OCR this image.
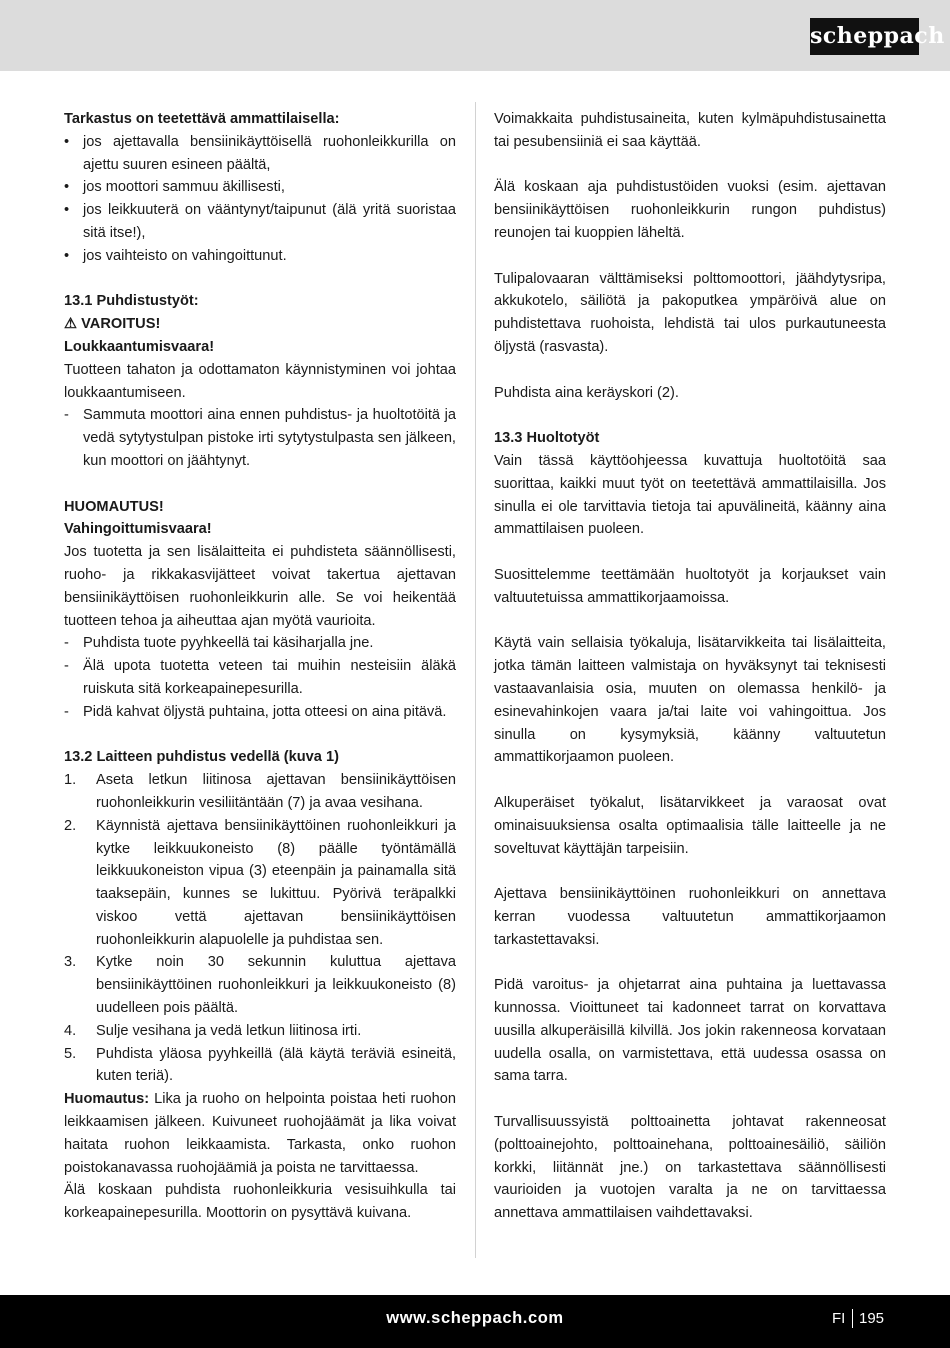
scheppach
Tarkastus on teetettävä ammattilaisella:
• jos ajettavalla bensiinikäyttöisellä ruohonleikkurilla on ajettu suuren esineen päältä,
• jos moottori sammuu äkillisesti,
• jos leikkuuterä on vääntynyt/taipunut (älä yritä suoristaa sitä itse!),
• jos vaihteisto on vahingoittunut.
13.1 Puhdistustyöt:
⚠ VAROITUS!
Loukkaantumisvaara!
Tuotteen tahaton ja odottamaton käynnistyminen voi johtaa loukkaantumiseen.
- Sammuta moottori aina ennen puhdistus- ja huoltotöitä ja vedä sytytystulpan pistoke irti sytytystulpasta sen jälkeen, kun moottori on jäähtynyt.
HUOMAUTUS!
Vahingoittumisvaara!
Jos tuotetta ja sen lisälaitteita ei puhdisteta säännöllisesti, ruoho- ja rikkakasvijätteet voivat takertua ajettavan bensiinikäyttöisen ruohonleikkurin alle. Se voi heikentää tuotteen tehoa ja aiheuttaa ajan myötä vaurioita.
- Puhdista tuote pyyhkeellä tai käsiharjalla jne.
- Älä upota tuotetta veteen tai muihin nesteisiin äläkä ruiskuta sitä korkeapainepesurilla.
- Pidä kahvat öljystä puhtaina, jotta otteesi on aina pitävä.
13.2 Laitteen puhdistus vedellä (kuva 1)
1. Aseta letkun liitinosa ajettavan bensiinikäyttöisen ruohonleikkurin vesiliitäntään (7) ja avaa vesihana.
2. Käynnistä ajettava bensiinikäyttöinen ruohonleikkuri ja kytke leikkuukoneisto (8) päälle työntämällä leikkuukoneiston vipua (3) eteenpäin ja painamalla sitä taaksepäin, kunnes se lukittuu. Pyörivä teräpalkki viskoo vettä ajettavan bensiinikäyttöisen ruohonleikkurin alapuolelle ja puhdistaa sen.
3. Kytke noin 30 sekunnin kuluttua ajettava bensiinikäyttöinen ruohonleikkuri ja leikkuukoneisto (8) uudelleen pois päältä.
4. Sulje vesihana ja vedä letkun liitinosa irti.
5. Puhdista yläosa pyyhkeillä (älä käytä teräviä esineitä, kuten teriä).
Huomautus: Lika ja ruoho on helpointa poistaa heti ruohon leikkaamisen jälkeen. Kuivuneet ruohojäämät ja lika voivat haitata ruohon leikkaamista. Tarkasta, onko ruohon poistokanavassa ruohojäämiä ja poista ne tarvittaessa.
Älä koskaan puhdista ruohonleikkuria vesisuihkulla tai korkeapainepesurilla. Moottorin on pysyttävä kuivana.
Voimakkaita puhdistusaineita, kuten kylmäpuhdistusainetta tai pesubensiiniä ei saa käyttää.
Älä koskaan aja puhdistustöiden vuoksi (esim. ajettavan bensiinikäyttöisen ruohonleikkurin rungon puhdistus) reunojen tai kuoppien läheltä.
Tulipalovaaran välttämiseksi polttomoottori, jäähdytysripa, akkukotelo, säiliötä ja pakoputkea ympäröivä alue on puhdistettava ruohoista, lehdistä tai ulos purkautuneesta öljystä (rasvasta).
Puhdista aina keräyskori (2).
13.3 Huoltotyöt
Vain tässä käyttöohjeessa kuvattuja huoltotöitä saa suorittaa, kaikki muut työt on teetettävä ammattilaisilla. Jos sinulla ei ole tarvittavia tietoja tai apuvälineitä, käänny aina ammattilaisen puoleen.
Suosittelemme teettämään huoltotyöt ja korjaukset vain valtuutetuissa ammattikorjaamoissa.
Käytä vain sellaisia työkaluja, lisätarvikkeita tai lisälaitteita, jotka tämän laitteen valmistaja on hyväksynyt tai teknisesti vastaavanlaisia osia, muuten on olemassa henkilö- ja esinevahinkojen vaara ja/tai laite voi vahingoittua. Jos sinulla on kysymyksiä, käänny valtuutetun ammattikorjaamon puoleen.
Alkuperäiset työkalut, lisätarvikkeet ja varaosat ovat ominaisuuksiensa osalta optimaalisia tälle laitteelle ja ne soveltuvat käyttäjän tarpeisiin.
Ajettava bensiinikäyttöinen ruohonleikkuri on annettava kerran vuodessa valtuutetun ammattikorjaamon tarkastettavaksi.
Pidä varoitus- ja ohjetarrat aina puhtaina ja luettavassa kunnossa. Vioittuneet tai kadonneet tarrat on korvattava uusilla alkuperäisillä kilvillä. Jos jokin rakenneosa korvataan uudella osalla, on varmistettava, että uudessa osassa on sama tarra.
Turvallisuussyistä polttoainetta johtavat rakenneosat (polttoainejohto, polttoainehana, polttoainesäiliö, säiliön korkki, liitännät jne.) on tarkastettava säännöllisesti vaurioiden ja vuotojen varalta ja ne on tarvittaessa annettava ammattilaisen vaihdettavaksi.
www.scheppach.com	FI 195
